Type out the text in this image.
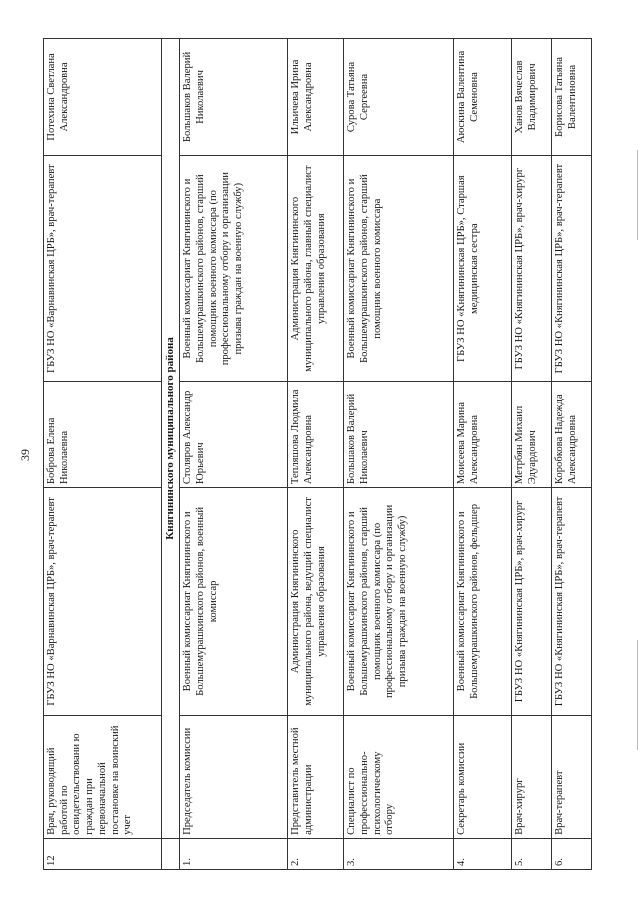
39
12	Врач, руководящий работой по освидетельствовани ю граждан при первоначальной постановке на воинский учет	ГБУЗ НО «Варнавинская ЦРБ», врач-терапевт	Боброва Елена Николаевна	ГБУЗ НО «Варнавинская ЦРБ», врач-терапевт	Потехина Светлана Александровна
	Княгининского муниципального района				
1.	Председатель комиссии	Военный комиссариат Княгининского и Большемурашкинского районов, военный комиссар	Столяров Александр Юрьевич	Военный комиссариат Княгининского и Большемурашкинского районов, старший помощник военного комиссара (по профессиональному отбору и организации призыва граждан на военную службу)	Большаков Валерий Николаевич
2.	Представитель местной администрации	Администрация Княгининского муниципального района, ведущий специалист управления образования	Тепляшова Людмила Александровна	Администрация Княгининского муниципального района, главный специалист управления образования	Ильичева Ирина Александровна
3.	Специалист по профессионально-психологическому отбору	Военный комиссариат Княгининского и Большемурашкинского районов, старший помощник военного комиссара (по профессиональному отбору и организации призыва граждан на военную службу)	Большаков Валерий Николаевич	Военный комиссариат Княгининского и Большемурашкинского районов, старший помощник военного комиссара	Сурова Татьяна Сергеевна
4.	Секретарь комиссии	Военный комиссариат Княгининского и Большемурашкинского районов, фельдшер	Моисеева Марина Александровна	ГБУЗ НО «Княгининская ЦРБ», Старшая медицинская сестра	Аюскина Валентина Семеновна
5.	Врач-хирург	ГБУЗ НО «Княгининская ЦРБ», врач-хирург	Метрбян Михаил Эдуардович	ГБУЗ НО «Княгининская ЦРБ», врач-хирург	Ханов Вячеслав Владимирович
6.	Врач-терапевт	ГБУЗ НО «Княгининская ЦРБ», врач-терапевт	Коробкова Надежда Александровна	ГБУЗ НО «Княгининская ЦРБ», врач-терапевт	Борисова Татьяна Валентиновна
